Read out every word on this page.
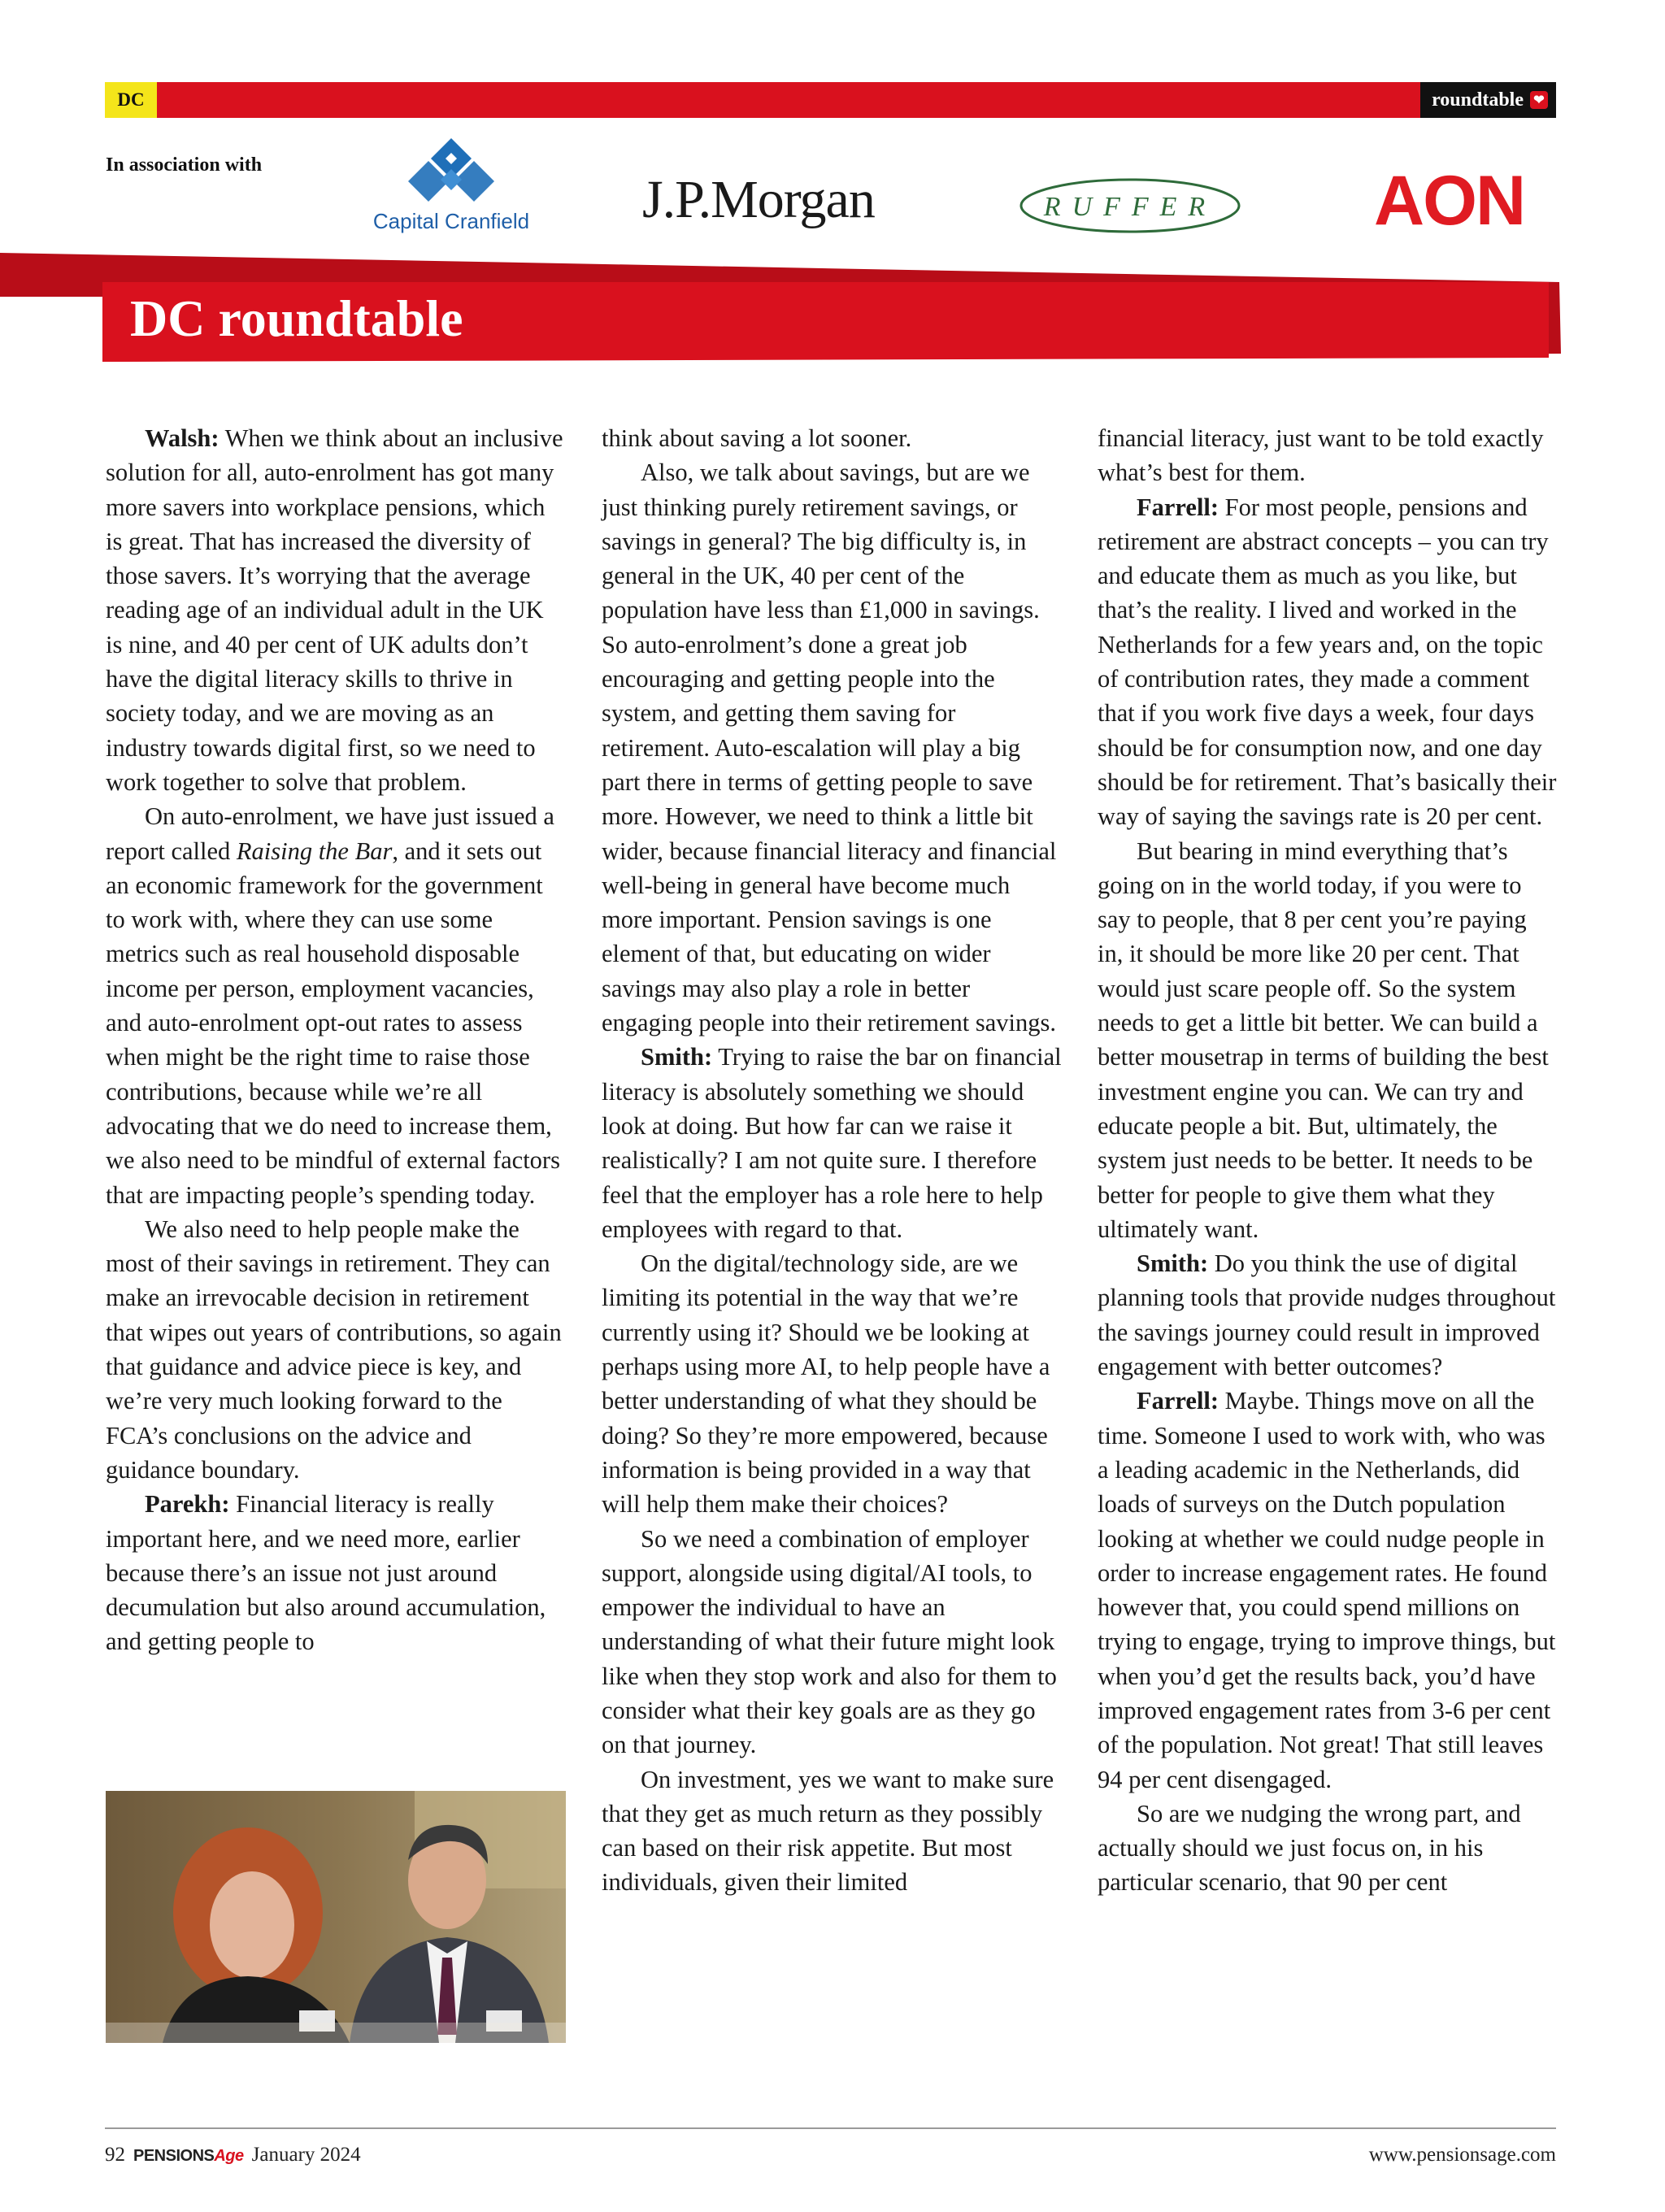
DC	roundtable ❤
In association with
Capital Cranfield J.P.Morgan	RUFFER AON
DC roundtable

Walsh: When we think about an inclusive solution for all, auto-enrolment has got many more savers into workplace pensions, which is great. That has increased the diversity of those savers. It’s worrying that the average reading age of an individual adult in the UK is nine, and 40 per cent of UK adults don’t have the digital literacy skills to thrive in society today, and we are moving as an industry towards digital first, so we need to work together to solve that problem.

On auto-enrolment, we have just issued a report called Raising the Bar, and it sets out an economic framework for the government to work with, where they can use some metrics such as real household disposable income per person, employment vacancies, and auto-enrolment opt-out rates to assess when might be the right time to raise those contributions, because while we’re all advocating that we do need to increase them, we also need to be mindful of external factors that are impacting people’s spending today.

We also need to help people make the most of their savings in retirement. They can make an irrevocable decision in retirement that wipes out years of contributions, so again that guidance and advice piece is key, and we’re very much looking forward to the FCA’s conclusions on the advice and guidance boundary.

Parekh: Financial literacy is really important here, and we need more, earlier because there’s an issue not just around decumulation but also around accumulation, and getting people to

think about saving a lot sooner.

Also, we talk about savings, but are we just thinking purely retirement savings, or savings in general? The big difficulty is, in general in the UK, 40 per cent of the population have less than £1,000 in savings. So auto-enrolment’s done a great job encouraging and getting people into the system, and getting them saving for retirement. Auto-escalation will play a big part there in terms of getting people to save more. However, we need to think a little bit wider, because financial literacy and financial well-being in general have become much more important. Pension savings is one element of that, but educating on wider savings may also play a role in better engaging people into their retirement savings.

Smith: Trying to raise the bar on financial literacy is absolutely something we should look at doing. But how far can we raise it realistically? I am not quite sure. I therefore feel that the employer has a role here to help employees with regard to that.

On the digital/technology side, are we limiting its potential in the way that we’re currently using it? Should we be looking at perhaps using more AI, to help people have a better understanding of what they should be doing? So they’re more empowered, because information is being provided in a way that will help them make their choices?

So we need a combination of employer support, alongside using digital/AI tools, to empower the individual to have an understanding of what their future might look like when they stop work and also for them to consider what their key goals are as they go on that journey.

On investment, yes we want to make sure that they get as much return as they possibly can based on their risk appetite. But most individuals, given their limited

financial literacy, just want to be told exactly what’s best for them.

Farrell: For most people, pensions and retirement are abstract concepts – you can try and educate them as much as you like, but that’s the reality. I lived and worked in the Netherlands for a few years and, on the topic of contribution rates, they made a comment that if you work five days a week, four days should be for consumption now, and one day should be for retirement. That’s basically their way of saying the savings rate is 20 per cent.

But bearing in mind everything that’s going on in the world today, if you were to say to people, that 8 per cent you’re paying in, it should be more like 20 per cent. That would just scare people off. So the system needs to get a little bit better. We can build a better mousetrap in terms of building the best investment engine you can. We can try and educate people a bit. But, ultimately, the system just needs to be better. It needs to be better for people to give them what they ultimately want.

Smith: Do you think the use of digital planning tools that provide nudges throughout the savings journey could result in improved engagement with better outcomes?

Farrell: Maybe. Things move on all the time. Someone I used to work with, who was a leading academic in the Netherlands, did loads of surveys on the Dutch population looking at whether we could nudge people in order to increase engagement rates. He found however that, you could spend millions on trying to engage, trying to improve things, but when you’d get the results back, you’d have improved engagement rates from 3-6 per cent of the population. Not great! That still leaves 94 per cent disengaged.

So are we nudging the wrong part, and actually should we just focus on, in his particular scenario, that 90 per cent

92 PENSIONSAge January 2024	www.pensionsage.com
